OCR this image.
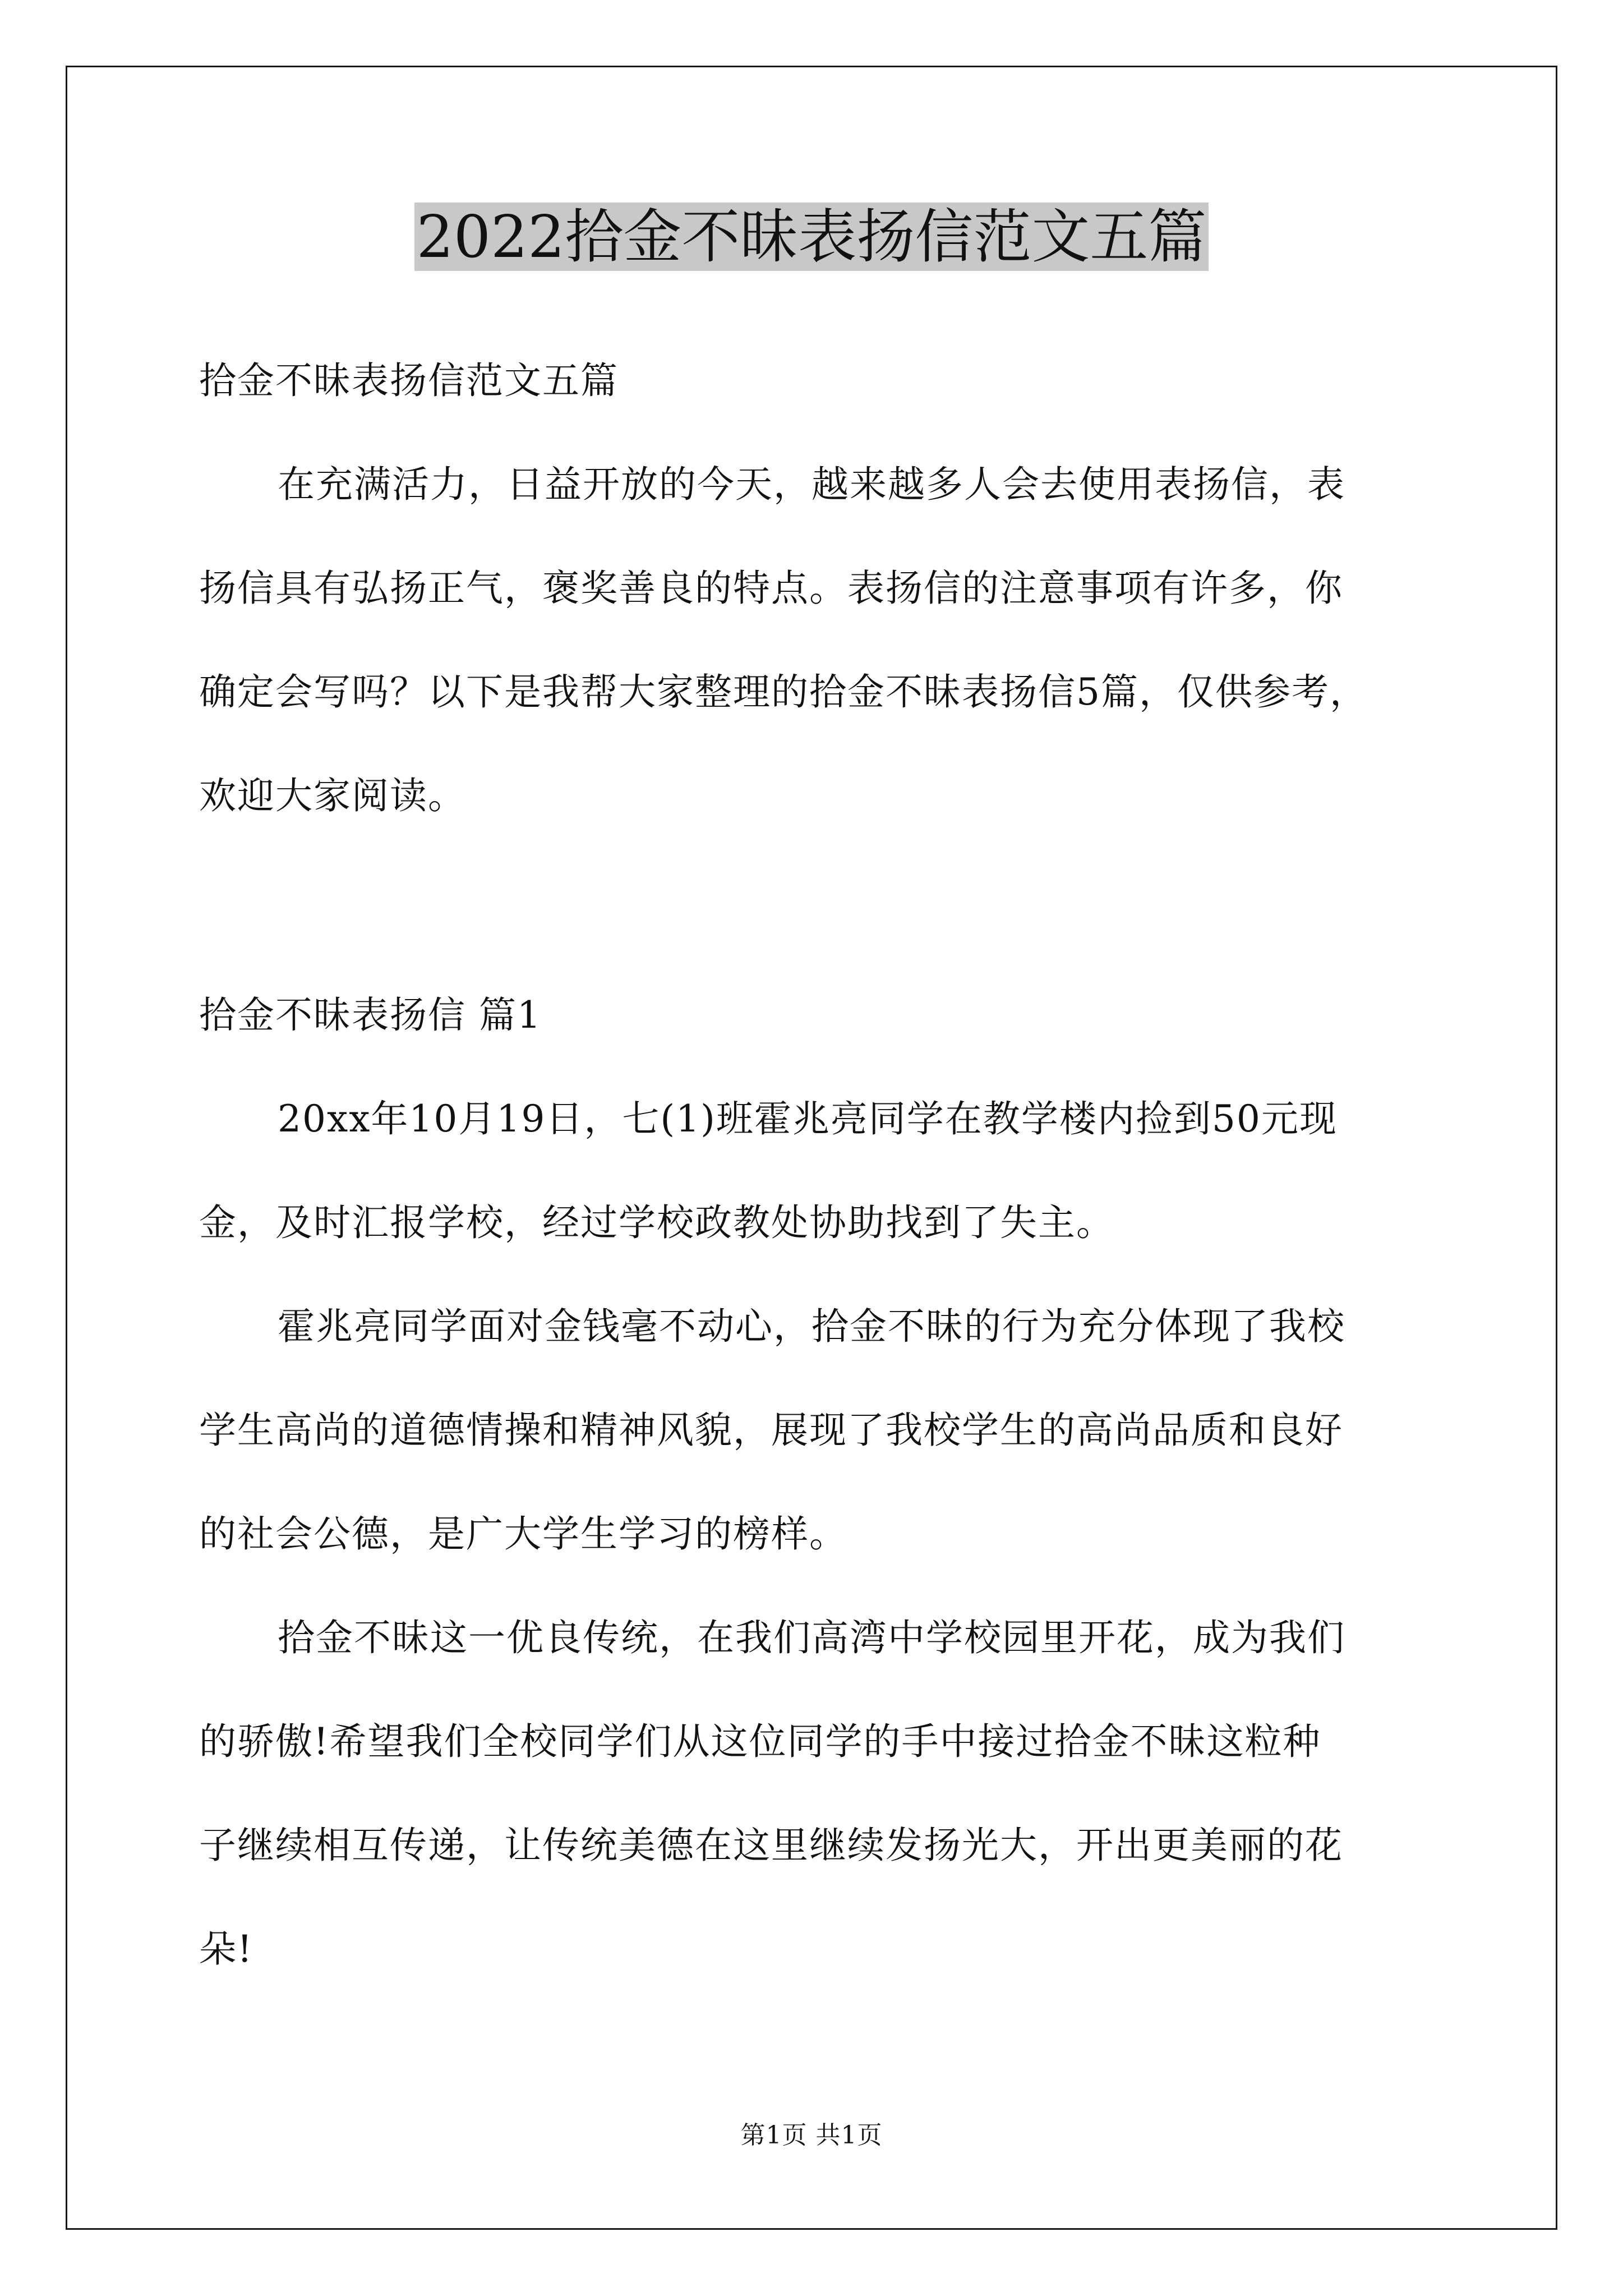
2022拾金不昧表扬信范文五篇

拾金不昧表扬信范文五篇

在充满活力，日益开放的今天，越来越多人会去使用表扬信，表

扬信具有弘扬正气，褒奖善良的特点。表扬信的注意事项有许多，你

确定会写吗？以下是我帮大家整理的拾金不昧表扬信5篇，仅供参考，

欢迎大家阅读。

拾金不昧表扬信 篇1

20xx年10月19日，七(1)班霍兆亮同学在教学楼内捡到50元现

金，及时汇报学校，经过学校政教处协助找到了失主。

霍兆亮同学面对金钱毫不动心，拾金不昧的行为充分体现了我校

学生高尚的道德情操和精神风貌，展现了我校学生的高尚品质和良好

的社会公德，是广大学生学习的榜样。

拾金不昧这一优良传统，在我们高湾中学校园里开花，成为我们

的骄傲!希望我们全校同学们从这位同学的手中接过拾金不昧这粒种

子继续相互传递，让传统美德在这里继续发扬光大，开出更美丽的花

朵!

第1页 共1页
